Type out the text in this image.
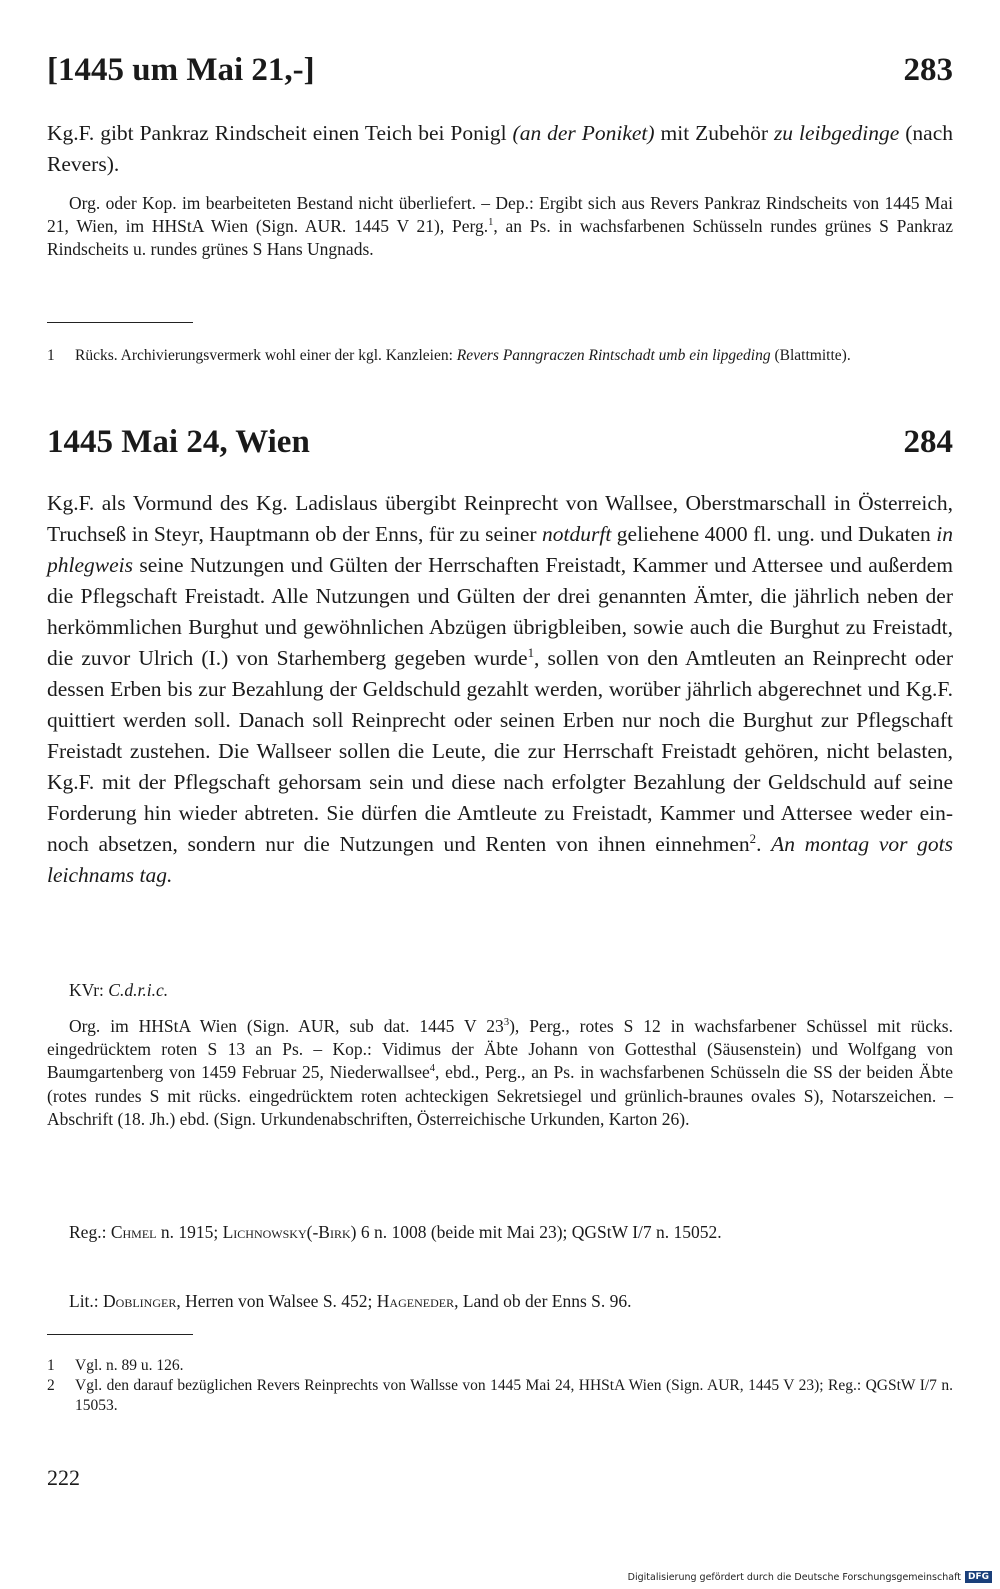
[1445 um Mai 21,-]	283

Kg.F. gibt Pankraz Rindscheit einen Teich bei Ponigl (an der Poniket) mit Zubehör zu leibgedinge (nach Revers).

Org. oder Kop. im bearbeiteten Bestand nicht überliefert. – Dep.: Ergibt sich aus Revers Pankraz Rindscheits von 1445 Mai 21, Wien, im HHStA Wien (Sign. AUR. 1445 V 21), Perg.$^1$, an Ps. in wachsfarbenen Schüsseln rundes grünes S Pankraz Rindscheits u. rundes grünes S Hans Ungnads.

1	Rücks. Archivierungsvermerk wohl einer der kgl. Kanzleien: Revers Panngraczen Rintschadt umb ein lipgeding (Blattmitte).
1445 Mai 24, Wien	284

Kg.F. als Vormund des Kg. Ladislaus übergibt Reinprecht von Wallsee, Oberstmarschall in Österreich, Truchseß in Steyr, Hauptmann ob der Enns, für zu seiner notdurft geliehene 4000 fl. ung. und Dukaten in phlegweis seine Nutzungen und Gülten der Herrschaften Freistadt, Kammer und Attersee und außerdem die Pflegschaft Freistadt. Alle Nutzungen und Gülten der drei genannten Ämter, die jährlich neben der herkömmlichen Burghut und gewöhnlichen Abzügen übrigbleiben, sowie auch die Burghut zu Freistadt, die zuvor Ulrich (I.) von Starhemberg gegeben wurde$^1$, sollen von den Amtleuten an Reinprecht oder dessen Erben bis zur Bezahlung der Geldschuld gezahlt werden, worüber jährlich abgerechnet und Kg.F. quittiert werden soll. Danach soll Reinprecht oder seinen Erben nur noch die Burghut zur Pflegschaft Freistadt zustehen. Die Wallseer sollen die Leute, die zur Herrschaft Freistadt gehören, nicht belasten, Kg.F. mit der Pflegschaft gehorsam sein und diese nach erfolgter Bezahlung der Geldschuld auf seine Forderung hin wieder abtreten. Sie dürfen die Amtleute zu Freistadt, Kammer und Attersee weder ein- noch absetzen, sondern nur die Nutzungen und Renten von ihnen einnehmen$^2$. An montag vor gots leichnams tag.

KVr: C.d.r.i.c.

Org. im HHStA Wien (Sign. AUR, sub dat. 1445 V $23^3$), Perg., rotes S 12 in wachsfarbener Schüssel mit rücks. eingedrücktem roten S 13 an Ps. – Kop.: Vidimus der Äbte Johann von Gottesthal (Säusenstein) und Wolfgang von Baumgartenberg von 1459 Februar 25, Niederwallsee$^4$, ebd., Perg., an Ps. in wachsfarbenen Schüsseln die SS der beiden Äbte (rotes rundes S mit rücks. eingedrücktem roten achteckigen Sekretsiegel und grünlich-braunes ovales S), Notarszeichen. – Abschrift (18. Jh.) ebd. (Sign. Urkundenabschriften, Österreichische Urkunden, Karton 26).

Reg.: Chmel n. 1915; Lichnowsky(-Birk) 6 n. 1008 (beide mit Mai 23); QGStW I/7 n. 15052.

Lit.: Doblinger, Herren von Walsee S. 452; Hageneder, Land ob der Enns S. 96.

1	Vgl. n. 89 u. 126.
2	Vgl. den darauf bezüglichen Revers Reinprechts von Wallsse von 1445 Mai 24, HHStA Wien (Sign. AUR, 1445 V 23); Reg.: QGStW I/7 n. 15053.
222
Digitalisierung gefördert durch die Deutsche Forschungsgemeinschaft DFG
